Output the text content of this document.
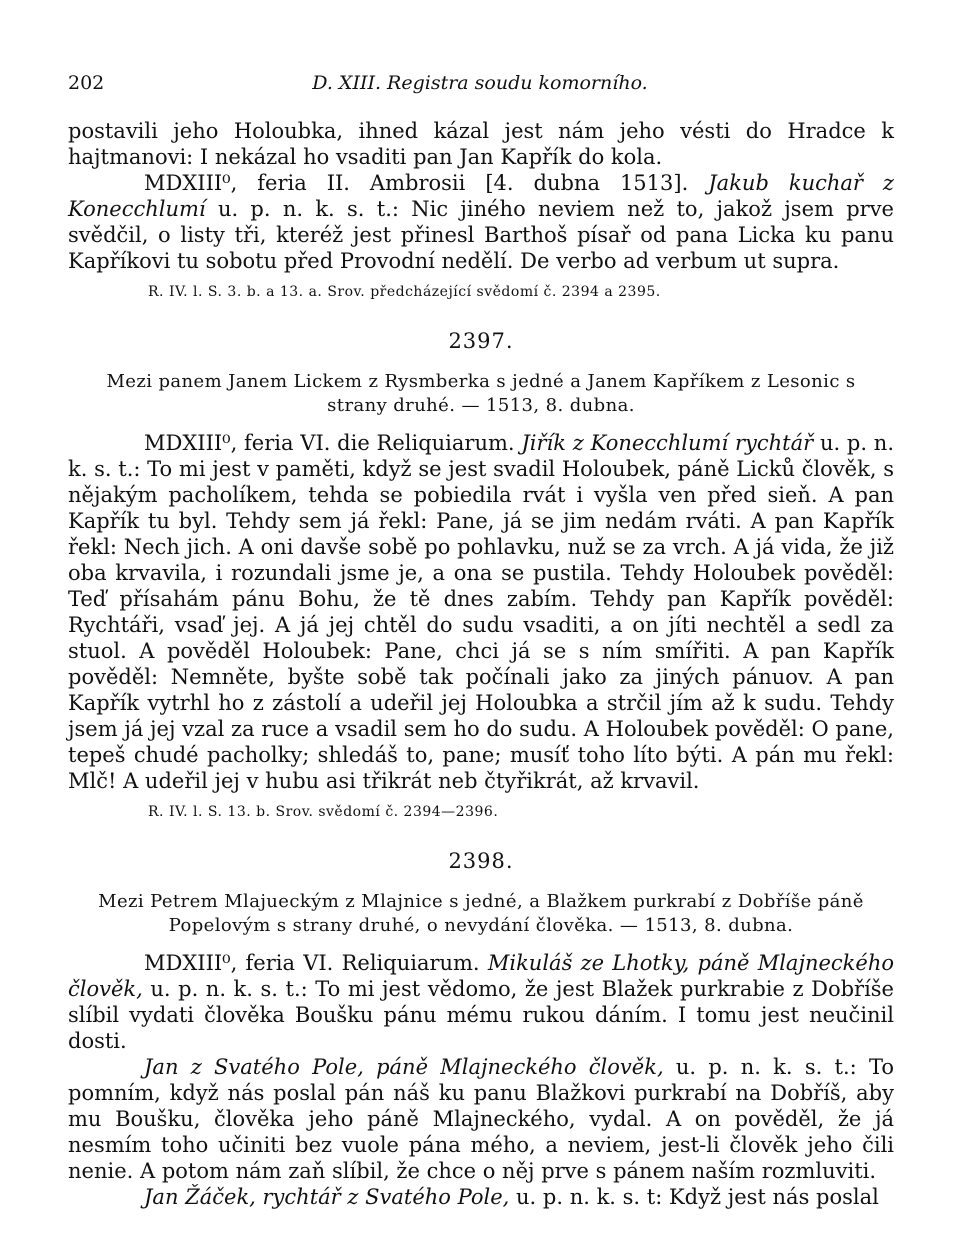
202	D. XIII. Registra soudu komorního.

postavili jeho Holoubka, ihned kázal jest nám jeho vésti do Hradce k hajtmanovi: I nekázal ho vsaditi pan Jan Kapřík do kola.

MDXIII⁰, feria II. Ambrosii [4. dubna 1513]. Jakub kuchař z Konecchlumí u. p. n. k. s. t.: Nic jiného neviem než to, jakož jsem prve svědčil, o listy tři, kteréž jest přinesl Barthoš písař od pana Licka ku panu Kapříkovi tu sobotu před Provodní nedělí. De verbo ad verbum ut supra.

R. IV. l. S. 3. b. a 13. a. Srov. předcházející svědomí č. 2394 a 2395.
2397.
Mezi panem Janem Lickem z Rysmberka s jedné a Janem Kapříkem z Lesonic s strany druhé. — 1513, 8. dubna.

MDXIII⁰, feria VI. die Reliquiarum. Jiřík z Konecchlumí rychtář u. p. n. k. s. t.: To mi jest v paměti, když se jest svadil Holoubek, páně Licků člověk, s nějakým pacholíkem, tehda se pobiedila rvát i vyšla ven před sieň. A pan Kapřík tu byl. Tehdy sem já řekl: Pane, já se jim nedám rváti. A pan Kapřík řekl: Nech jich. A oni davše sobě po pohlavku, nuž se za vrch. A já vida, že již oba krvavila, i rozundali jsme je, a ona se pustila. Tehdy Holoubek pověděl: Teď přísahám pánu Bohu, že tě dnes zabím. Tehdy pan Kapřík pověděl: Rychtáři, vsaď jej. A já jej chtěl do sudu vsaditi, a on jíti nechtěl a sedl za stuol. A pověděl Holoubek: Pane, chci já se s ním smířiti. A pan Kapřík pověděl: Nemněte, byšte sobě tak počínali jako za jiných pánuov. A pan Kapřík vytrhl ho z zástolí a udeřil jej Holoubka a strčil jím až k sudu. Tehdy jsem já jej vzal za ruce a vsadil sem ho do sudu. A Holoubek pověděl: O pane, tepeš chudé pacholky; shledáš to, pane; musíť toho líto býti. A pán mu řekl: Mlč! A udeřil jej v hubu asi třikrát neb čtyřikrát, až krvavil.

R. IV. l. S. 13. b. Srov. svědomí č. 2394—2396.
2398.
Mezi Petrem Mlajueckým z Mlajnice s jedné, a Blažkem purkrabí z Dobříše páně Popelovým s strany druhé, o nevydání člověka. — 1513, 8. dubna.

MDXIII⁰, feria VI. Reliquiarum. Mikuláš ze Lhotky, páně Mlajneckého člověk, u. p. n. k. s. t.: To mi jest vědomo, že jest Blažek purkrabie z Dobříše slíbil vydati člověka Boušku pánu mému rukou dáním. I tomu jest neučinil dosti.

Jan z Svatého Pole, páně Mlajneckého člověk, u. p. n. k. s. t.: To pomním, když nás poslal pán náš ku panu Blažkovi purkrabí na Dobříš, aby mu Boušku, člověka jeho páně Mlajneckého, vydal. A on pověděl, že já nesmím toho učiniti bez vuole pána mého, a neviem, jest-li člověk jeho čili nenie. A potom nám zaň slíbil, že chce o něj prve s pánem naším rozmluviti.

Jan Žáček, rychtář z Svatého Pole, u. p. n. k. s. t: Když jest nás poslal
